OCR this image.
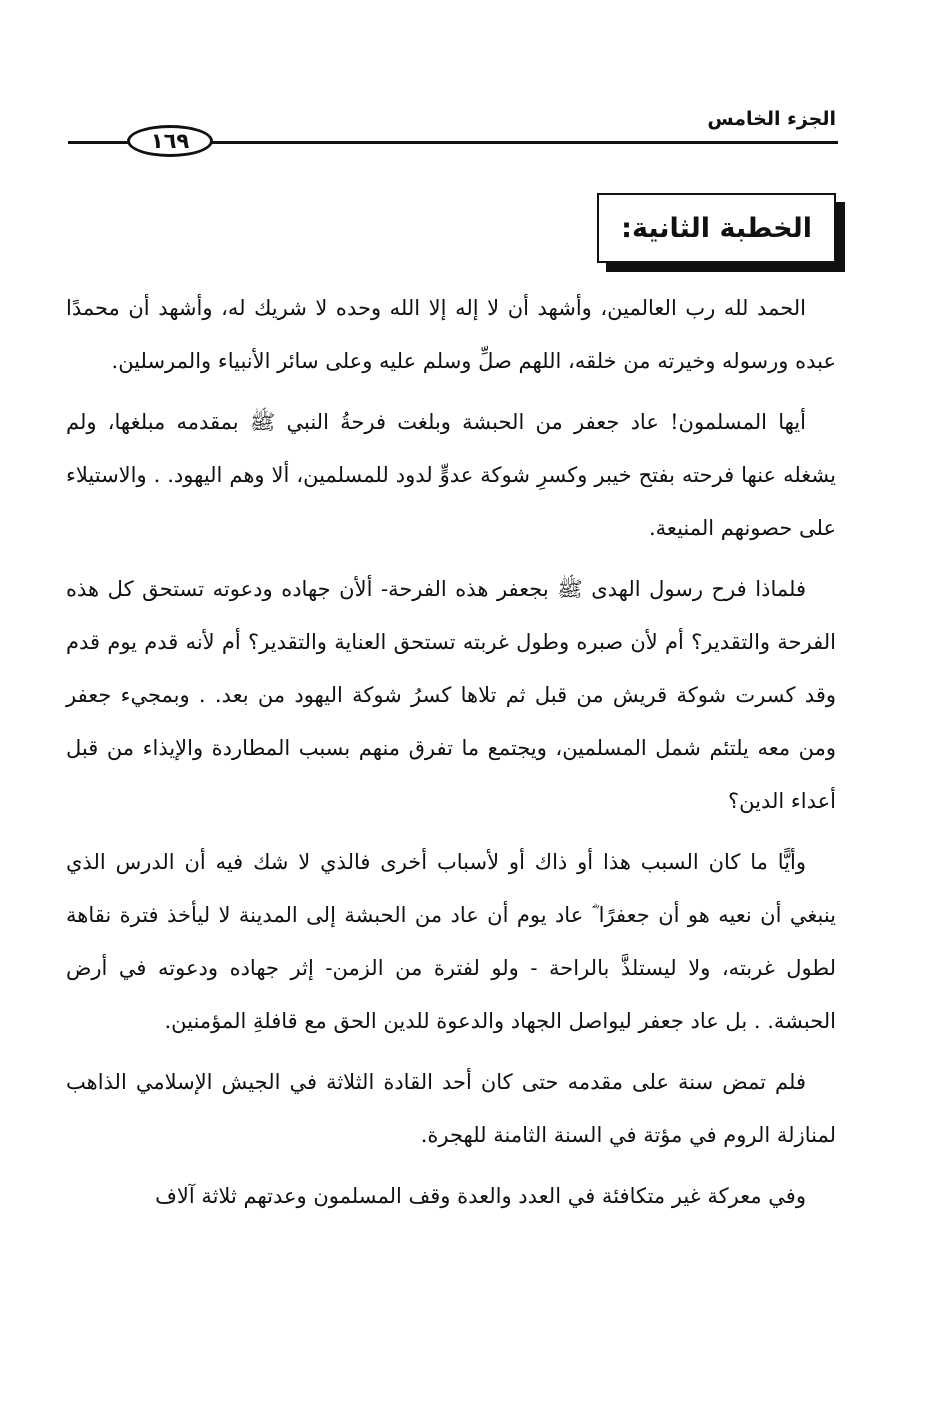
الجزء الخامس
١٦٩
الخطبة الثانية:

الحمد لله رب العالمين، وأشهد أن لا إله إلا الله وحده لا شريك له، وأشهد أن محمدًا عبده ورسوله وخيرته من خلقه، اللهم صلِّ وسلم عليه وعلى سائر الأنبياء والمرسلين.

أيها المسلمون! عاد جعفر من الحبشة وبلغت فرحةُ النبي ﷺ بمقدمه مبلغها، ولم يشغله عنها فرحته بفتح خيبر وكسرِ شوكة عدوٍّ لدود للمسلمين، ألا وهم اليهود. . والاستيلاء على حصونهم المنيعة.

فلماذا فرح رسول الهدى ﷺ بجعفر هذه الفرحة- ألأن جهاده ودعوته تستحق كل هذه الفرحة والتقدير؟ أم لأن صبره وطول غربته تستحق العناية والتقدير؟ أم لأنه قدم يوم قدم وقد كسرت شوكة قريش من قبل ثم تلاها كسرُ شوكة اليهود من بعد. . وبمجيء جعفر ومن معه يلتئم شمل المسلمين، ويجتمع ما تفرق منهم بسبب المطاردة والإيذاء من قبل أعداء الدين؟

وأيًّا ما كان السبب هذا أو ذاك أو لأسباب أخرى فالذي لا شك فيه أن الدرس الذي ينبغي أن نعيه هو أن جعفرًا ؓ عاد يوم أن عاد من الحبشة إلى المدينة لا ليأخذ فترة نقاهة لطول غربته، ولا ليستلذَّ بالراحة - ولو لفترة من الزمن- إثر جهاده ودعوته في أرض الحبشة. . بل عاد جعفر ليواصل الجهاد والدعوة للدين الحق مع قافلةِ المؤمنين.

فلم تمض سنة على مقدمه حتى كان أحد القادة الثلاثة في الجيش الإسلامي الذاهب لمنازلة الروم في مؤتة في السنة الثامنة للهجرة.

وفي معركة غير متكافئة في العدد والعدة وقف المسلمون وعدتهم ثلاثة آلاف
